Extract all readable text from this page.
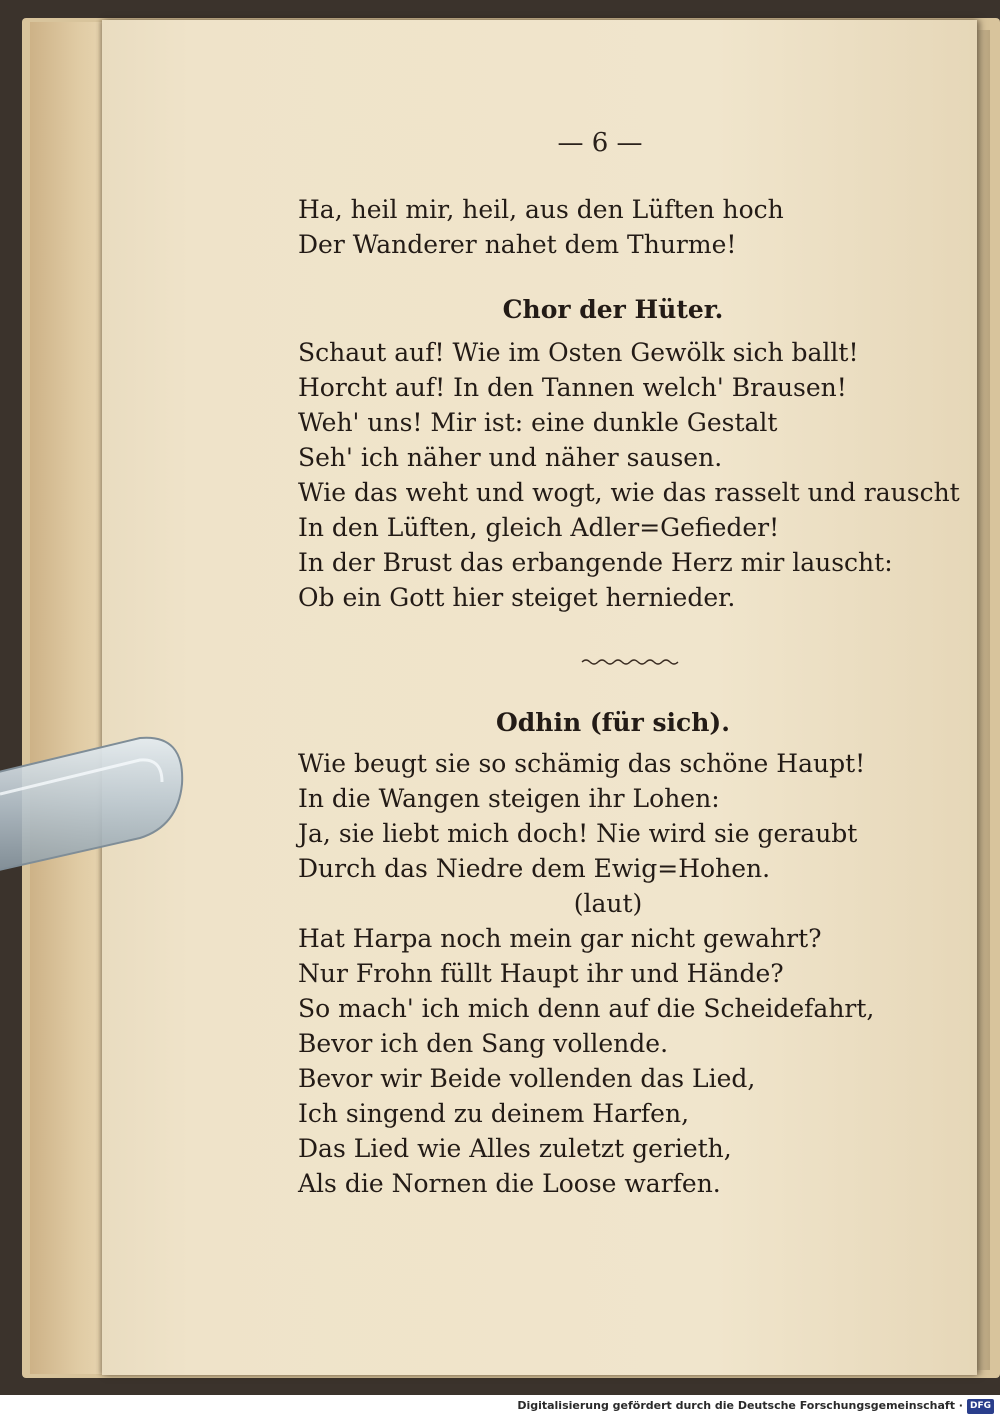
— 6 —
Ha, heil mir, heil, aus den Lüften hoch
Der Wanderer nahet dem Thurme!
Chor der Hüter.
Schaut auf! Wie im Osten Gewölk sich ballt!
Horcht auf! In den Tannen welch' Brausen!
Weh' uns! Mir ist: eine dunkle Gestalt
Seh' ich näher und näher sausen.
Wie das weht und wogt, wie das rasselt und rauscht
In den Lüften, gleich Adler=Gefieder!
In der Brust das erbangende Herz mir lauscht:
Ob ein Gott hier steiget hernieder.
Odhin (für sich).
Wie beugt sie so schämig das schöne Haupt!
In die Wangen steigen ihr Lohen:
Ja, sie liebt mich doch! Nie wird sie geraubt
Durch das Niedre dem Ewig=Hohen.
(laut)
Hat Harpa noch mein gar nicht gewahrt?
Nur Frohn füllt Haupt ihr und Hände?
So mach' ich mich denn auf die Scheidefahrt,
Bevor ich den Sang vollende.
Bevor wir Beide vollenden das Lied,
Ich singend zu deinem Harfen,
Das Lied wie Alles zuletzt gerieth,
Als die Nornen die Loose warfen.
Digitalisierung gefördert durch die Deutsche Forschungsgemeinschaft · DFG
